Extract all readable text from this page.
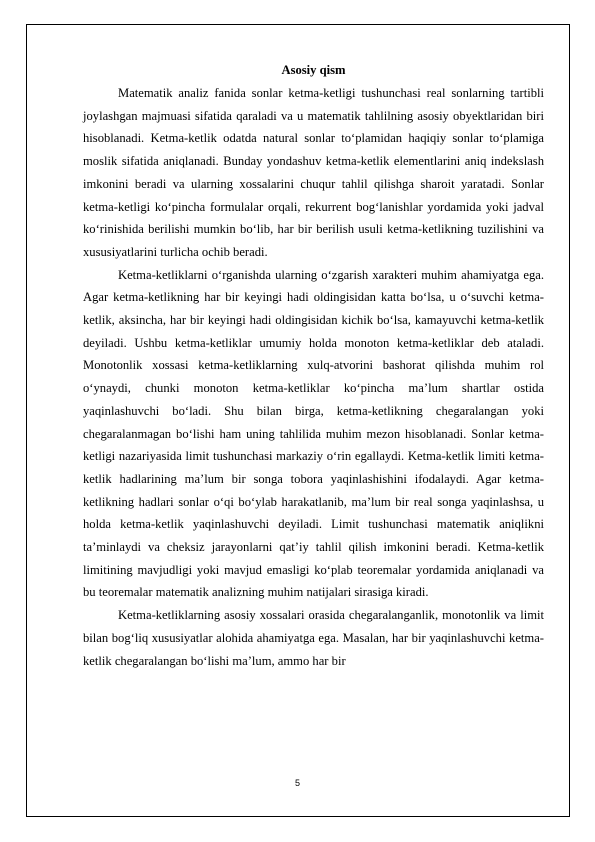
Asosiy qism

Matematik analiz fanida sonlar ketma-ketligi tushunchasi real sonlarning tartibli joylashgan majmuasi sifatida qaraladi va u matematik tahlilning asosiy obyektlaridan biri hisoblanadi. Ketma-ketlik odatda natural sonlar to‘plamidan haqiqiy sonlar to‘plamiga moslik sifatida aniqlanadi. Bunday yondashuv ketma-ketlik elementlarini aniq indekslash imkonini beradi va ularning xossalarini chuqur tahlil qilishga sharoit yaratadi. Sonlar ketma-ketligi ko‘pincha formulalar orqali, rekurrent bog‘lanishlar yordamida yoki jadval ko‘rinishida berilishi mumkin bo‘lib, har bir berilish usuli ketma-ketlikning tuzilishini va xususiyatlarini turlicha ochib beradi.

Ketma-ketliklarni o‘rganishda ularning o‘zgarish xarakteri muhim ahamiyatga ega. Agar ketma-ketlikning har bir keyingi hadi oldingisidan katta bo‘lsa, u o‘suvchi ketma-ketlik, aksincha, har bir keyingi hadi oldingisidan kichik bo‘lsa, kamayuvchi ketma-ketlik deyiladi. Ushbu ketma-ketliklar umumiy holda monoton ketma-ketliklar deb ataladi. Monotonlik xossasi ketma-ketliklarning xulq-atvorini bashorat qilishda muhim rol o‘ynaydi, chunki monoton ketma-ketliklar ko‘pincha ma’lum shartlar ostida yaqinlashuvchi bo‘ladi. Shu bilan birga, ketma-ketlikning chegaralangan yoki chegaralanmagan bo‘lishi ham uning tahlilida muhim mezon hisoblanadi. Sonlar ketma-ketligi nazariyasida limit tushunchasi markaziy o‘rin egallaydi. Ketma-ketlik limiti ketma-ketlik hadlarining ma’lum bir songa tobora yaqinlashishini ifodalaydi. Agar ketma-ketlikning hadlari sonlar o‘qi bo‘ylab harakatlanib, ma’lum bir real songa yaqinlashsa, u holda ketma-ketlik yaqinlashuvchi deyiladi. Limit tushunchasi matematik aniqlikni ta’minlaydi va cheksiz jarayonlarni qat’iy tahlil qilish imkonini beradi. Ketma-ketlik limitining mavjudligi yoki mavjud emasligi ko‘plab teoremalar yordamida aniqlanadi va bu teoremalar matematik analizning muhim natijalari sirasiga kiradi.

Ketma-ketliklarning asosiy xossalari orasida chegaralanganlik, monotonlik va limit bilan bog‘liq xususiyatlar alohida ahamiyatga ega. Masalan, har bir yaqinlashuvchi ketma-ketlik chegaralangan bo‘lishi ma’lum, ammo har bir

5
